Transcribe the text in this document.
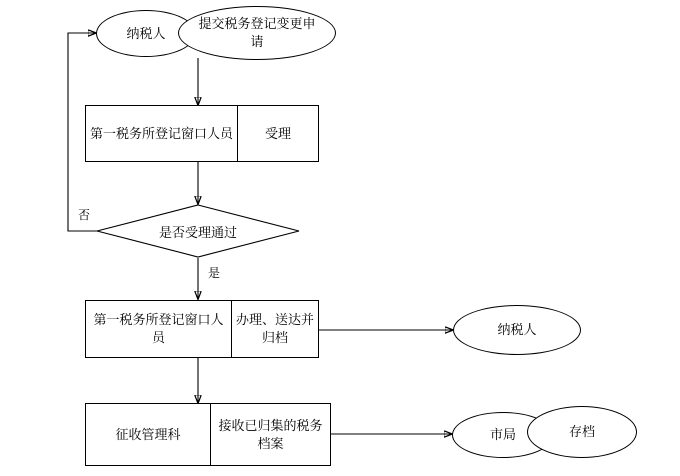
纳税人
提交税务登记变更申请
第一税务所登记窗口人员	受理
是否受理通过
否
是
第一税务所登记窗口人员
办理、送达并归档
纳税人
征收管理科
接收已归集的税务档案
市局	存档
